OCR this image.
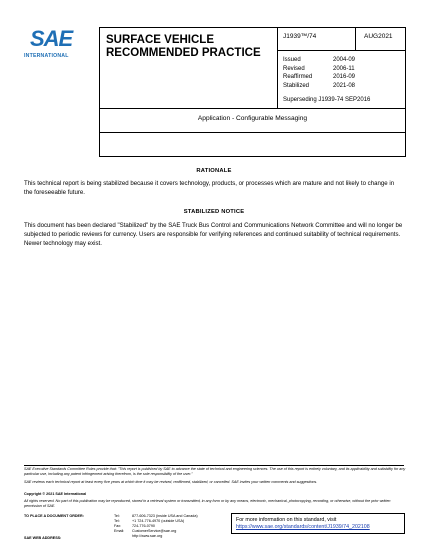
SAE
INTERNATIONAL
SURFACE VEHICLE
RECOMMENDED PRACTICE
J1939™/74	AUG2021
Issued	2004-09
Revised	2006-11
Reaffirmed	2016-09
Stabilized	2021-08
Superseding J1939-74 SEP2016
Application - Configurable Messaging
RATIONALE
This technical report is being stabilized because it covers technology, products, or processes which are mature and not likely to change in the foreseeable future.
STABILIZED NOTICE
This document has been declared "Stabilized" by the SAE Truck Bus Control and Communications Network Committee and will no longer be subjected to periodic reviews for currency. Users are responsible for verifying references and continued suitability of technical requirements. Newer technology may exist.
SAE Executive Standards Committee Rules provide that: "This report is published by SAE to advance the state of technical and engineering sciences. The use of this report is entirely voluntary, and its applicability and suitability for any particular use, including any patent infringement arising therefrom, is the sole responsibility of the user."
SAE reviews each technical report at least every five years at which time it may be revised, reaffirmed, stabilized, or cancelled. SAE invites your written comments and suggestions.
Copyright © 2021 SAE International
All rights reserved. No part of this publication may be reproduced, stored in a retrieval system or transmitted, in any form or by any means, electronic, mechanical, photocopying, recording, or otherwise, without the prior written permission of SAE.
TO PLACE A DOCUMENT ORDER:	Tel:	877-606-7323 (inside USA and Canada)
Tel:	+1 724-776-4970 (outside USA)
Fax:	724-776-0790
Email:	CustomerService@sae.org
http://www.sae.org
SAE WEB ADDRESS:
For more information on this standard, visit
https://www.sae.org/standards/content/J1939/74_202108
